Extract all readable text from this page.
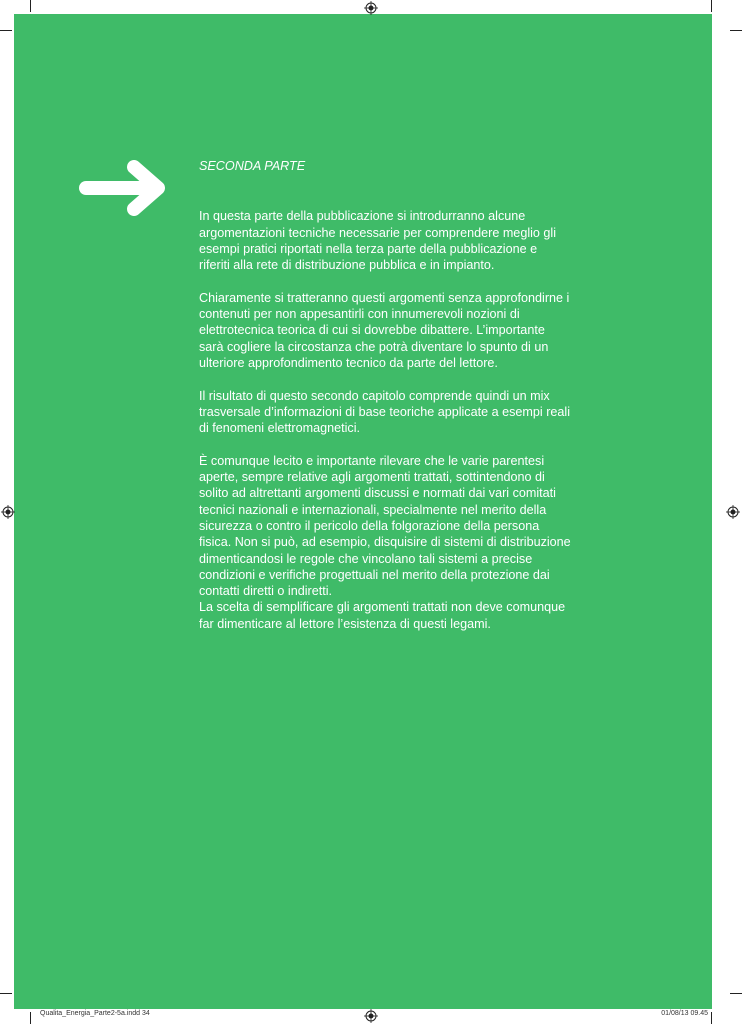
SECONDA PARTE

In questa parte della pubblicazione si introdurranno alcune argomentazioni tecniche necessarie per comprendere meglio gli esempi pratici riportati nella terza parte della pubblicazione e riferiti alla rete di distribuzione pubblica e in impianto.

Chiaramente si tratteranno questi argomenti senza approfondirne i contenuti per non appesantirli con innumerevoli nozioni di elettrotecnica teorica di cui si dovrebbe dibattere. L’importante sarà cogliere la circostanza che potrà diventare lo spunto di un ulteriore approfondimento tecnico da parte del lettore.

Il risultato di questo secondo capitolo comprende quindi un mix trasversale d’informazioni di base teoriche applicate a esempi reali di fenomeni elettromagnetici.

È comunque lecito e importante rilevare che le varie parentesi aperte, sempre relative agli argomenti trattati, sottintendono di solito ad altrettanti argomenti discussi e normati dai vari comitati tecnici nazionali e internazionali, specialmente nel merito della sicurezza o contro il pericolo della folgorazione della persona fisica. Non si può, ad esempio, disquisire di sistemi di distribuzione dimenticandosi le regole che vincolano tali sistemi a precise condizioni e verifiche progettuali nel merito della protezione dai contatti diretti o indiretti.

La scelta di semplificare gli argomenti trattati non deve comunque far dimenticare al lettore l’esistenza di questi legami.

Qualita_Energia_Parte2-5a.indd 34	01/08/13 09.45
